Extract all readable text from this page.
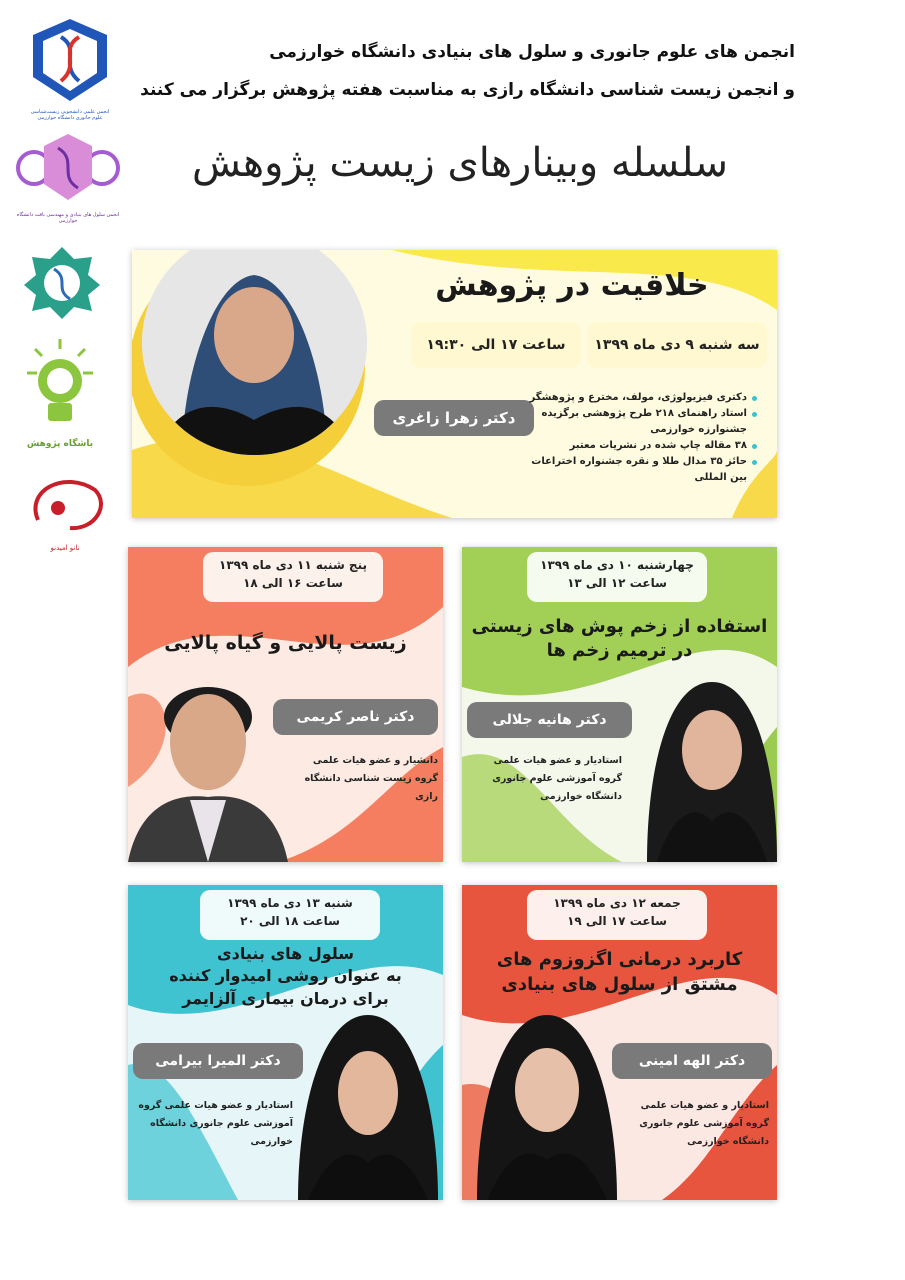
انجمن علمی دانشجویی زیست‌شناسی علوم جانوری دانشگاه خوارزمی
انجمن سلول های بنیادی و مهندسی بافت دانشگاه خوارزمی
باشگاه پژوهش
نانو امیدنو
انجمن های علوم جانوری و سلول های بنیادی دانشگاه خوارزمی
و انجمن زیست شناسی دانشگاه رازی به مناسبت هفته پژوهش برگزار می کنند
سلسله وبینارهای زیست پژوهش
خلاقیت در پژوهش
سه شنبه ۹ دی ماه ۱۳۹۹
ساعت ۱۷ الی ۱۹:۳۰
دکتر زهرا زاغری
دکتری فیزیولوژی، مولف، مخترع و پژوهشگر
استاد راهنمای ۲۱۸ طرح پژوهشی برگزیده جشنوارزه خوارزمی
۳۸ مقاله چاپ شده در نشریات معتبر
حائز ۳۵ مدال طلا و نقره جشنواره اختراعات بین المللی
چهارشنبه ۱۰ دی ماه ۱۳۹۹
ساعت ۱۲ الی ۱۳
استفاده از زخم پوش های زیستی
در ترمیم زخم ها
دکتر هانیه جلالی
استادیار و عضو هیات علمی گروه آموزشی علوم جانوری دانشگاه خوارزمی
پنج شنبه ۱۱ دی ماه ۱۳۹۹
ساعت ۱۶ الی ۱۸
زیست پالایی و گیاه پالایی
دکتر ناصر کریمی
دانشیار و عضو هیات علمی گروه زیست شناسی دانشگاه رازی
جمعه ۱۲ دی ماه ۱۳۹۹
ساعت ۱۷ الی ۱۹
کاربرد درمانی اگزوزوم های
مشتق از سلول های بنیادی
دکتر الهه امینی
استادیار و عضو هیات علمی گروه آموزشی علوم جانوری دانشگاه خوارزمی
شنبه ۱۳ دی ماه ۱۳۹۹
ساعت ۱۸ الی ۲۰
سلول های بنیادی
به عنوان روشی امیدوار کننده
برای درمان بیماری آلزایمر
دکتر المیرا بیرامی
استادیار و عضو هیات علمی گروه آموزشی علوم جانوری دانشگاه خوارزمی
